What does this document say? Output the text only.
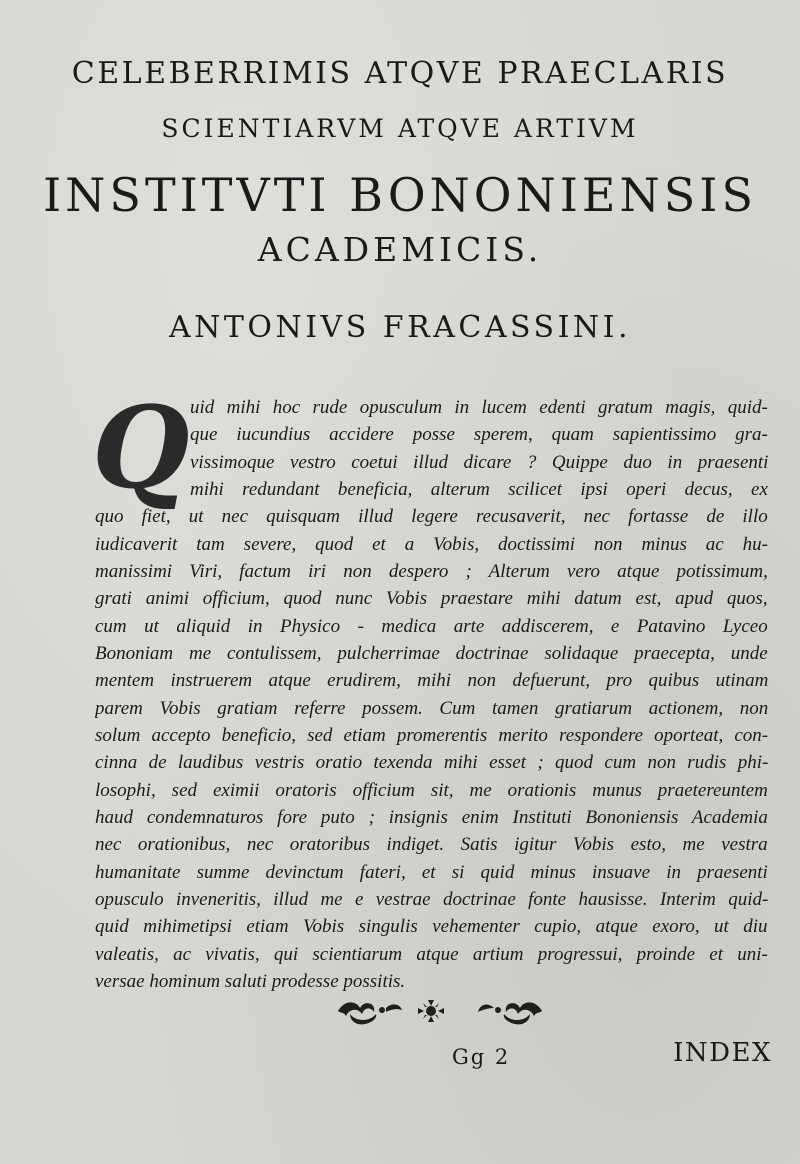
CELEBERRIMIS ATQVE PRAECLARIS
SCIENTIARVM ATQVE ARTIVM
INSTITVTI BONONIENSIS
ACADEMICIS.
ANTONIVS FRACASSINI.
Q uid mihi hoc rude opusculum in lucem edenti gratum magis, quid-
que iucundius accidere posse sperem, quam sapientissimo gra-
vissimoque vestro coetui illud dicare ? Quippe duo in praesenti
mihi redundant beneficia, alterum scilicet ipsi operi decus, ex
quo fiet, ut nec quisquam illud legere recusaverit, nec fortasse de illo
iudicaverit tam severe, quod et a Vobis, doctissimi non minus ac hu-
manissimi Viri, factum iri non despero ; Alterum vero atque potissimum,
grati animi officium, quod nunc Vobis praestare mihi datum est, apud quos,
cum ut aliquid in Physico - medica arte addiscerem, e Patavino Lyceo
Bononiam me contulissem, pulcherrimae doctrinae solidaque praecepta, unde
mentem instruerem atque erudirem, mihi non defuerunt, pro quibus utinam
parem Vobis gratiam referre possem. Cum tamen gratiarum actionem, non
solum accepto beneficio, sed etiam promerentis merito respondere oporteat, con-
cinna de laudibus vestris oratio texenda mihi esset ; quod cum non rudis phi-
losophi, sed eximii oratoris officium sit, me orationis munus praetereuntem
haud condemnaturos fore puto ; insignis enim Instituti Bononiensis Academia
nec orationibus, nec oratoribus indiget. Satis igitur Vobis esto, me vestra
humanitate summe devinctum fateri, et si quid minus insuave in praesenti
opusculo inveneritis, illud me e vestrae doctrinae fonte hausisse. Interim quid-
quid mihimetipsi etiam Vobis singulis vehementer cupio, atque exoro, ut diu
valeatis, ac vivatis, qui scientiarum atque artium progressui, proinde et uni-
versae hominum saluti prodesse possitis.
Gg 2	INDEX
